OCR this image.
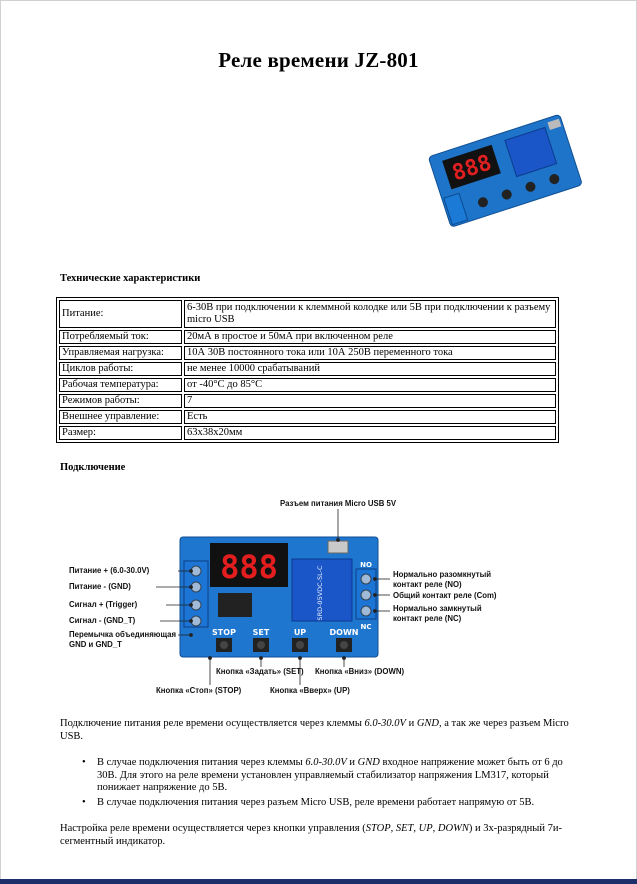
Реле времени JZ-801
888
Технические характеристики
Питание:	6-30В при подключении к клеммной колодке или 5В при подключении к разъему micro USB
Потребляемый ток:	20мА в простое и 50мА при включенном реле
Управляемая нагрузка:	10А 30В постоянного тока или 10А 250В переменного тока
Циклов работы:	не менее 10000 срабатываний
Рабочая температура:	от -40°С до 85°С
Режимов работы:	7
Внешнее управление:	Есть
Размер:	63x38x20мм
Подключение
888	SRD-05VDC-SL-C
NO
NC
STOP SET	UP	DOWN
Разъем питания Micro USB 5V
Питание + (6.0-30.0V)
Питание - (GND)
Сигнал + (Trigger)
Сигнал - (GND_T)
Перемычка объединяющая
GND и GND_T
Нормально разомкнутый
контакт реле (NO)
Общий контакт реле (Com)
Нормально замкнутый
контакт реле (NC)
Кнопка «Задать» (SET) Кнопка «Вниз» (DOWN)
Кнопка «Стоп» (STOP)	Кнопка «Вверх» (UP)
Подключение питания реле времени осуществляется через клеммы 6.0-30.0V и GND, а так же через разъем Micro USB.
• В случае подключения питания через клеммы 6.0-30.0V и GND входное напряжение может быть от 6 до 30В. Для этого на реле времени установлен управляемый стабилизатор напряжения LM317, который понижает напряжение до 5В.
• В случае подключения питания через разъем Micro USB, реле времени работает напрямую от 5В.
Настройка реле времени осуществляется через кнопки управления (STOP, SET, UP, DOWN) и 3х-разрядный 7и-сегментный индикатор.
